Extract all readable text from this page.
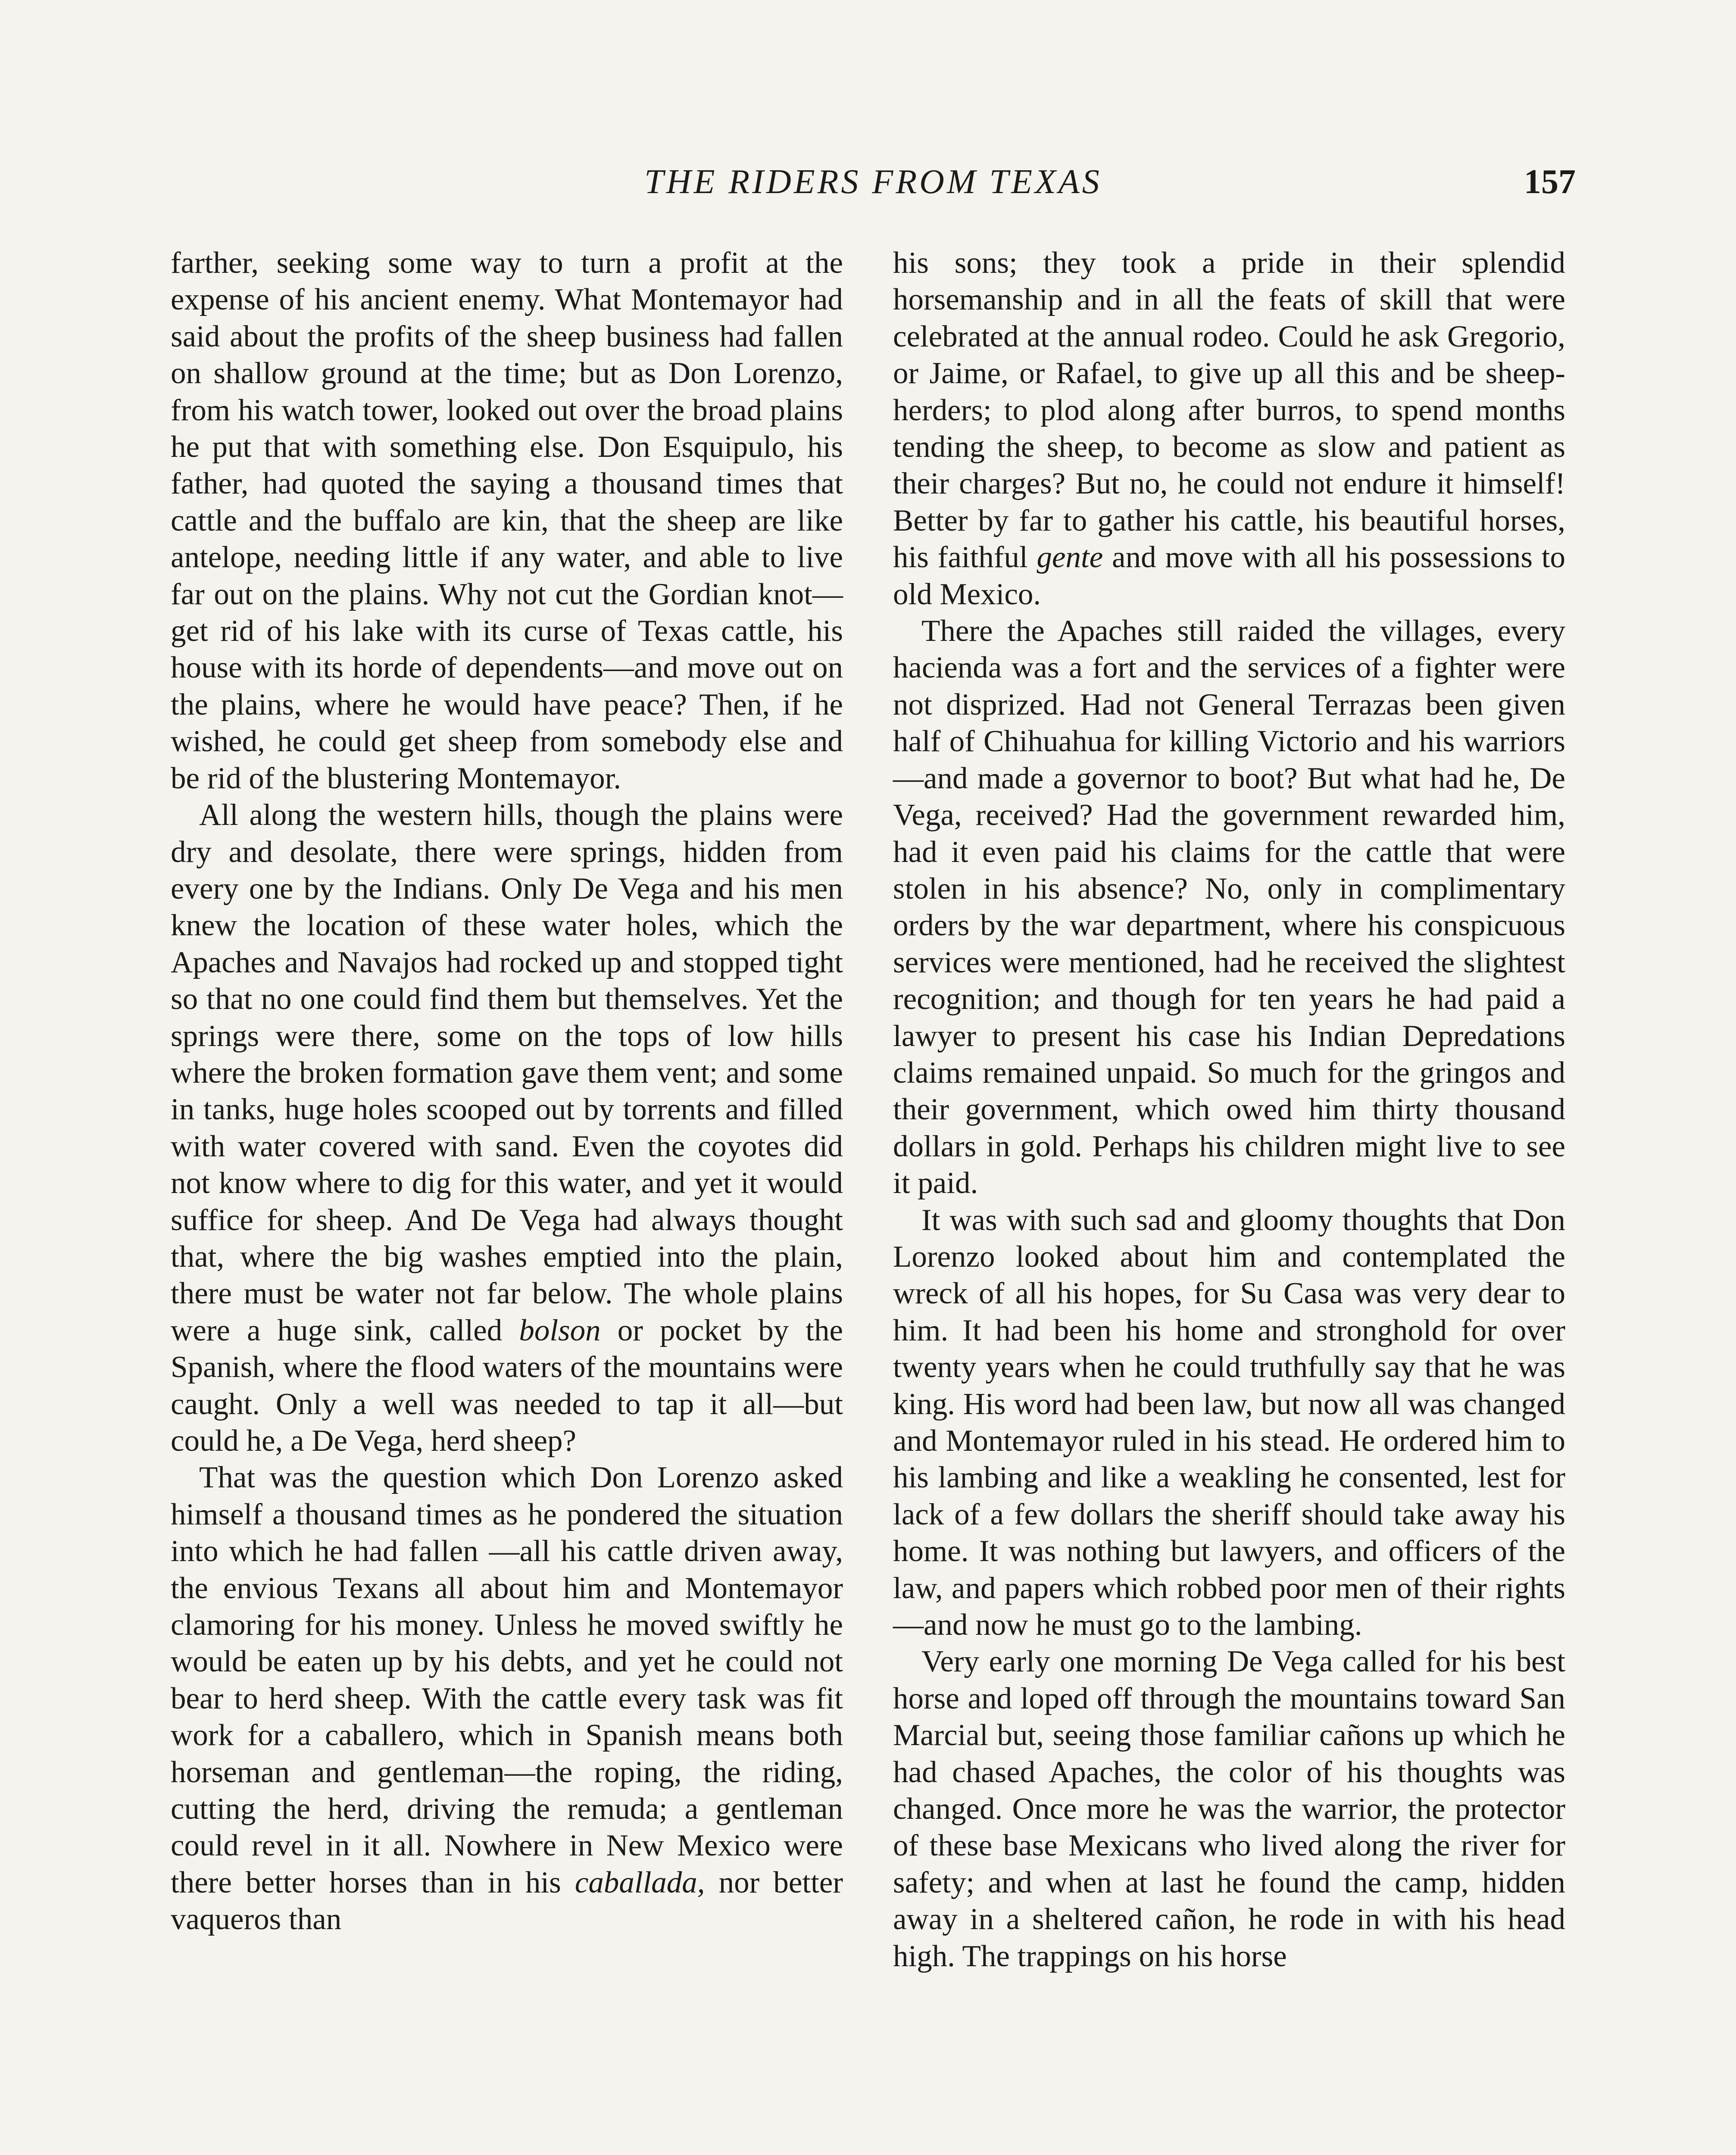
THE RIDERS FROM TEXAS	157

farther, seeking some way to turn a profit at the expense of his ancient enemy. What Montemayor had said about the profits of the sheep business had fallen on shallow ground at the time; but as Don Lorenzo, from his watch tower, looked out over the broad plains he put that with something else. Don Esquipulo, his father, had quoted the saying a thousand times that cattle and the buffalo are kin, that the sheep are like antelope, needing little if any water, and able to live far out on the plains. Why not cut the Gordian knot—get rid of his lake with its curse of Texas cattle, his house with its horde of dependents—and move out on the plains, where he would have peace? Then, if he wished, he could get sheep from somebody else and be rid of the blustering Montemayor.

All along the western hills, though the plains were dry and desolate, there were springs, hidden from every one by the Indians. Only De Vega and his men knew the location of these water holes, which the Apaches and Navajos had rocked up and stopped tight so that no one could find them but themselves. Yet the springs were there, some on the tops of low hills where the broken formation gave them vent; and some in tanks, huge holes scooped out by torrents and filled with water covered with sand. Even the coyotes did not know where to dig for this water, and yet it would suffice for sheep. And De Vega had always thought that, where the big washes emptied into the plain, there must be water not far below. The whole plains were a huge sink, called bolson or pocket by the Spanish, where the flood waters of the mountains were caught. Only a well was needed to tap it all—but could he, a De Vega, herd sheep?

That was the question which Don Lorenzo asked himself a thousand times as he pondered the situation into which he had fallen —all his cattle driven away, the envious Texans all about him and Montemayor clamoring for his money. Unless he moved swiftly he would be eaten up by his debts, and yet he could not bear to herd sheep. With the cattle every task was fit work for a caballero, which in Spanish means both horseman and gentleman—the roping, the riding, cutting the herd, driving the remuda; a gentleman could revel in it all. Nowhere in New Mexico were there better horses than in his caballada, nor better vaqueros than

his sons; they took a pride in their splendid horsemanship and in all the feats of skill that were celebrated at the annual rodeo. Could he ask Gregorio, or Jaime, or Rafael, to give up all this and be sheep-herders; to plod along after burros, to spend months tending the sheep, to become as slow and patient as their charges? But no, he could not endure it himself! Better by far to gather his cattle, his beautiful horses, his faithful gente and move with all his possessions to old Mexico.

There the Apaches still raided the villages, every hacienda was a fort and the services of a fighter were not disprized. Had not General Terrazas been given half of Chihuahua for killing Victorio and his warriors—and made a governor to boot? But what had he, De Vega, received? Had the government rewarded him, had it even paid his claims for the cattle that were stolen in his absence? No, only in complimentary orders by the war department, where his conspicuous services were mentioned, had he received the slightest recognition; and though for ten years he had paid a lawyer to present his case his Indian Depredations claims remained unpaid. So much for the gringos and their government, which owed him thirty thousand dollars in gold. Perhaps his children might live to see it paid.

It was with such sad and gloomy thoughts that Don Lorenzo looked about him and contemplated the wreck of all his hopes, for Su Casa was very dear to him. It had been his home and stronghold for over twenty years when he could truthfully say that he was king. His word had been law, but now all was changed and Montemayor ruled in his stead. He ordered him to his lambing and like a weakling he consented, lest for lack of a few dollars the sheriff should take away his home. It was nothing but lawyers, and officers of the law, and papers which robbed poor men of their rights—and now he must go to the lambing.

Very early one morning De Vega called for his best horse and loped off through the mountains toward San Marcial but, seeing those familiar cañons up which he had chased Apaches, the color of his thoughts was changed. Once more he was the warrior, the protector of these base Mexicans who lived along the river for safety; and when at last he found the camp, hidden away in a sheltered cañon, he rode in with his head high. The trappings on his horse
